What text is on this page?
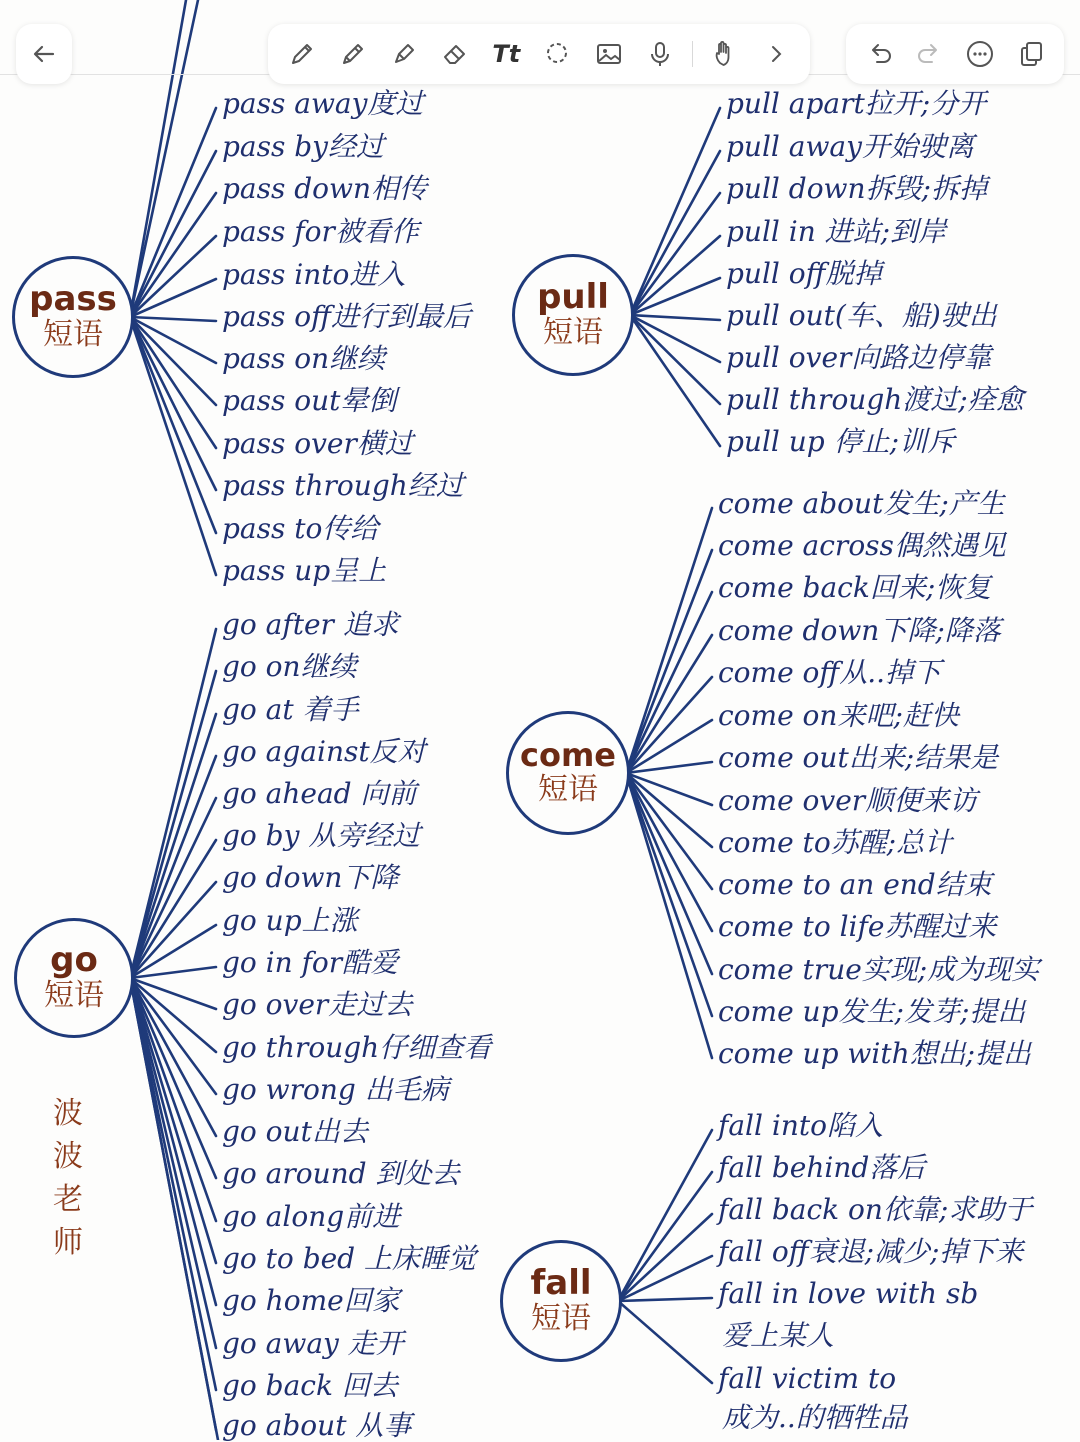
Tt
pass
短语
pass away度过
pass by经过
pass down相传
pass for被看作
pass into进入
pass off进行到最后
pass on继续
pass out晕倒
pass over横过
pass through经过
pass to传给
pass up呈上
pull
短语
pull apart拉开;分开
pull away开始驶离
pull down拆毁;拆掉
pull in 进站;到岸
pull off脱掉
pull out(车、船)驶出
pull over向路边停靠
pull through渡过;痊愈
pull up 停止;训斥
come
短语
come about发生;产生
come across偶然遇见
come back回来;恢复
come down下降;降落
come off从..掉下
come on来吧;赶快
come out出来;结果是
come over顺便来访
come to苏醒;总计
come to an end结束
come to life苏醒过来
come true实现;成为现实
come up发生;发芽;提出
come up with想出;提出
go
短语
go after 追求
go on继续
go at 着手
go against反对
go ahead 向前
go by 从旁经过
go down下降
go up上涨
go in for酷爱
go over走过去
go through仔细查看
go wrong 出毛病
go out出去
go around 到处去
go along前进
go to bed 上床睡觉
go home回家
go away 走开
go back 回去
go about 从事
fall
短语
fall into陷入
fall behind落后
fall back on依靠;求助于
fall off衰退;减少;掉下来
fall in love with sb
爱上某人
fall victim to
成为..的牺牲品
波波老师
